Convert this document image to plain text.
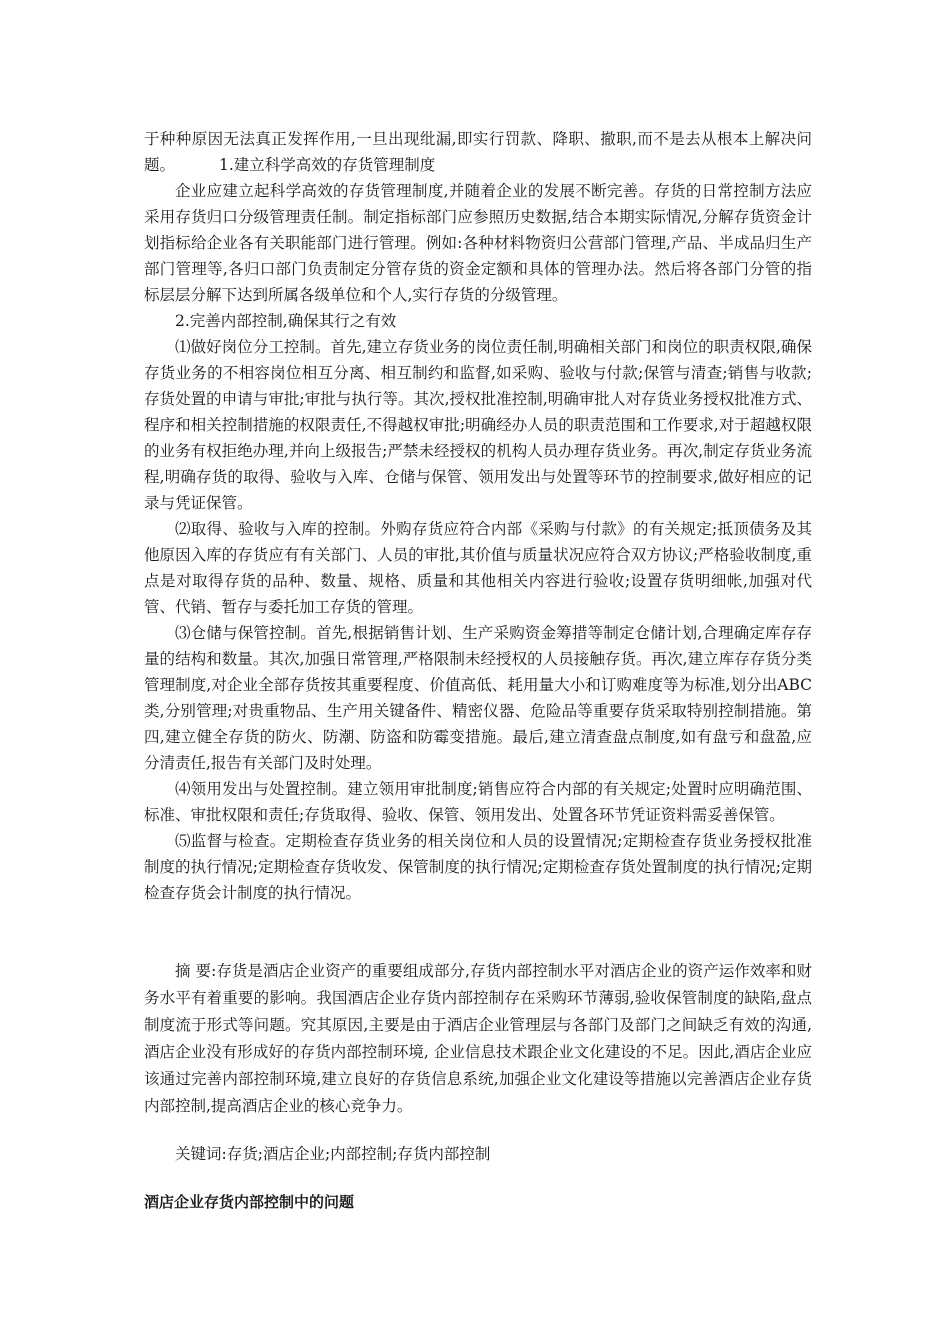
于种种原因无法真正发挥作用,一旦出现纰漏,即实行罚款、降职、撤职,而不是去从根本上解决问题。	1.建立科学高效的存货管理制度

企业应建立起科学高效的存货管理制度,并随着企业的发展不断完善。存货的日常控制方法应采用存货归口分级管理责任制。制定指标部门应参照历史数据,结合本期实际情况,分解存货资金计划指标给企业各有关职能部门进行管理。例如:各种材料物资归公营部门管理,产品、半成品归生产部门管理等,各归口部门负责制定分管存货的资金定额和具体的管理办法。然后将各部门分管的指标层层分解下达到所属各级单位和个人,实行存货的分级管理。

2.完善内部控制,确保其行之有效

⑴做好岗位分工控制。首先,建立存货业务的岗位责任制,明确相关部门和岗位的职责权限,确保存货业务的不相容岗位相互分离、相互制约和监督,如采购、验收与付款;保管与清查;销售与收款;存货处置的申请与审批;审批与执行等。其次,授权批准控制,明确审批人对存货业务授权批准方式、程序和相关控制措施的权限责任,不得越权审批;明确经办人员的职责范围和工作要求,对于超越权限的业务有权拒绝办理,并向上级报告;严禁未经授权的机构人员办理存货业务。再次,制定存货业务流程,明确存货的取得、验收与入库、仓储与保管、领用发出与处置等环节的控制要求,做好相应的记录与凭证保管。

⑵取得、验收与入库的控制。外购存货应符合内部《采购与付款》的有关规定;抵顶债务及其他原因入库的存货应有有关部门、人员的审批,其价值与质量状况应符合双方协议;严格验收制度,重点是对取得存货的品种、数量、规格、质量和其他相关内容进行验收;设置存货明细帐,加强对代管、代销、暂存与委托加工存货的管理。

⑶仓储与保管控制。首先,根据销售计划、生产采购资金筹措等制定仓储计划,合理确定库存存量的结构和数量。其次,加强日常管理,严格限制未经授权的人员接触存货。再次,建立库存存货分类管理制度,对企业全部存货按其重要程度、价值高低、耗用量大小和订购难度等为标准,划分出ABC类,分别管理;对贵重物品、生产用关键备件、精密仪器、危险品等重要存货采取特别控制措施。第四,建立健全存货的防火、防潮、防盗和防霉变措施。最后,建立清查盘点制度,如有盘亏和盘盈,应分清责任,报告有关部门及时处理。

⑷领用发出与处置控制。建立领用审批制度;销售应符合内部的有关规定;处置时应明确范围、标准、审批权限和责任;存货取得、验收、保管、领用发出、处置各环节凭证资料需妥善保管。

⑸监督与检查。定期检查存货业务的相关岗位和人员的设置情况;定期检查存货业务授权批准制度的执行情况;定期检查存货收发、保管制度的执行情况;定期检查存货处置制度的执行情况;定期检查存货会计制度的执行情况。

摘 要:存货是酒店企业资产的重要组成部分,存货内部控制水平对酒店企业的资产运作效率和财务水平有着重要的影响。我国酒店企业存货内部控制存在采购环节薄弱,验收保管制度的缺陷,盘点制度流于形式等问题。究其原因,主要是由于酒店企业管理层与各部门及部门之间缺乏有效的沟通,酒店企业没有形成好的存货内部控制环境, 企业信息技术跟企业文化建设的不足。因此,酒店企业应该通过完善内部控制环境,建立良好的存货信息系统,加强企业文化建设等措施以完善酒店企业存货内部控制,提高酒店企业的核心竞争力。

关键词:存货;酒店企业;内部控制;存货内部控制
酒店企业存货内部控制中的问题
